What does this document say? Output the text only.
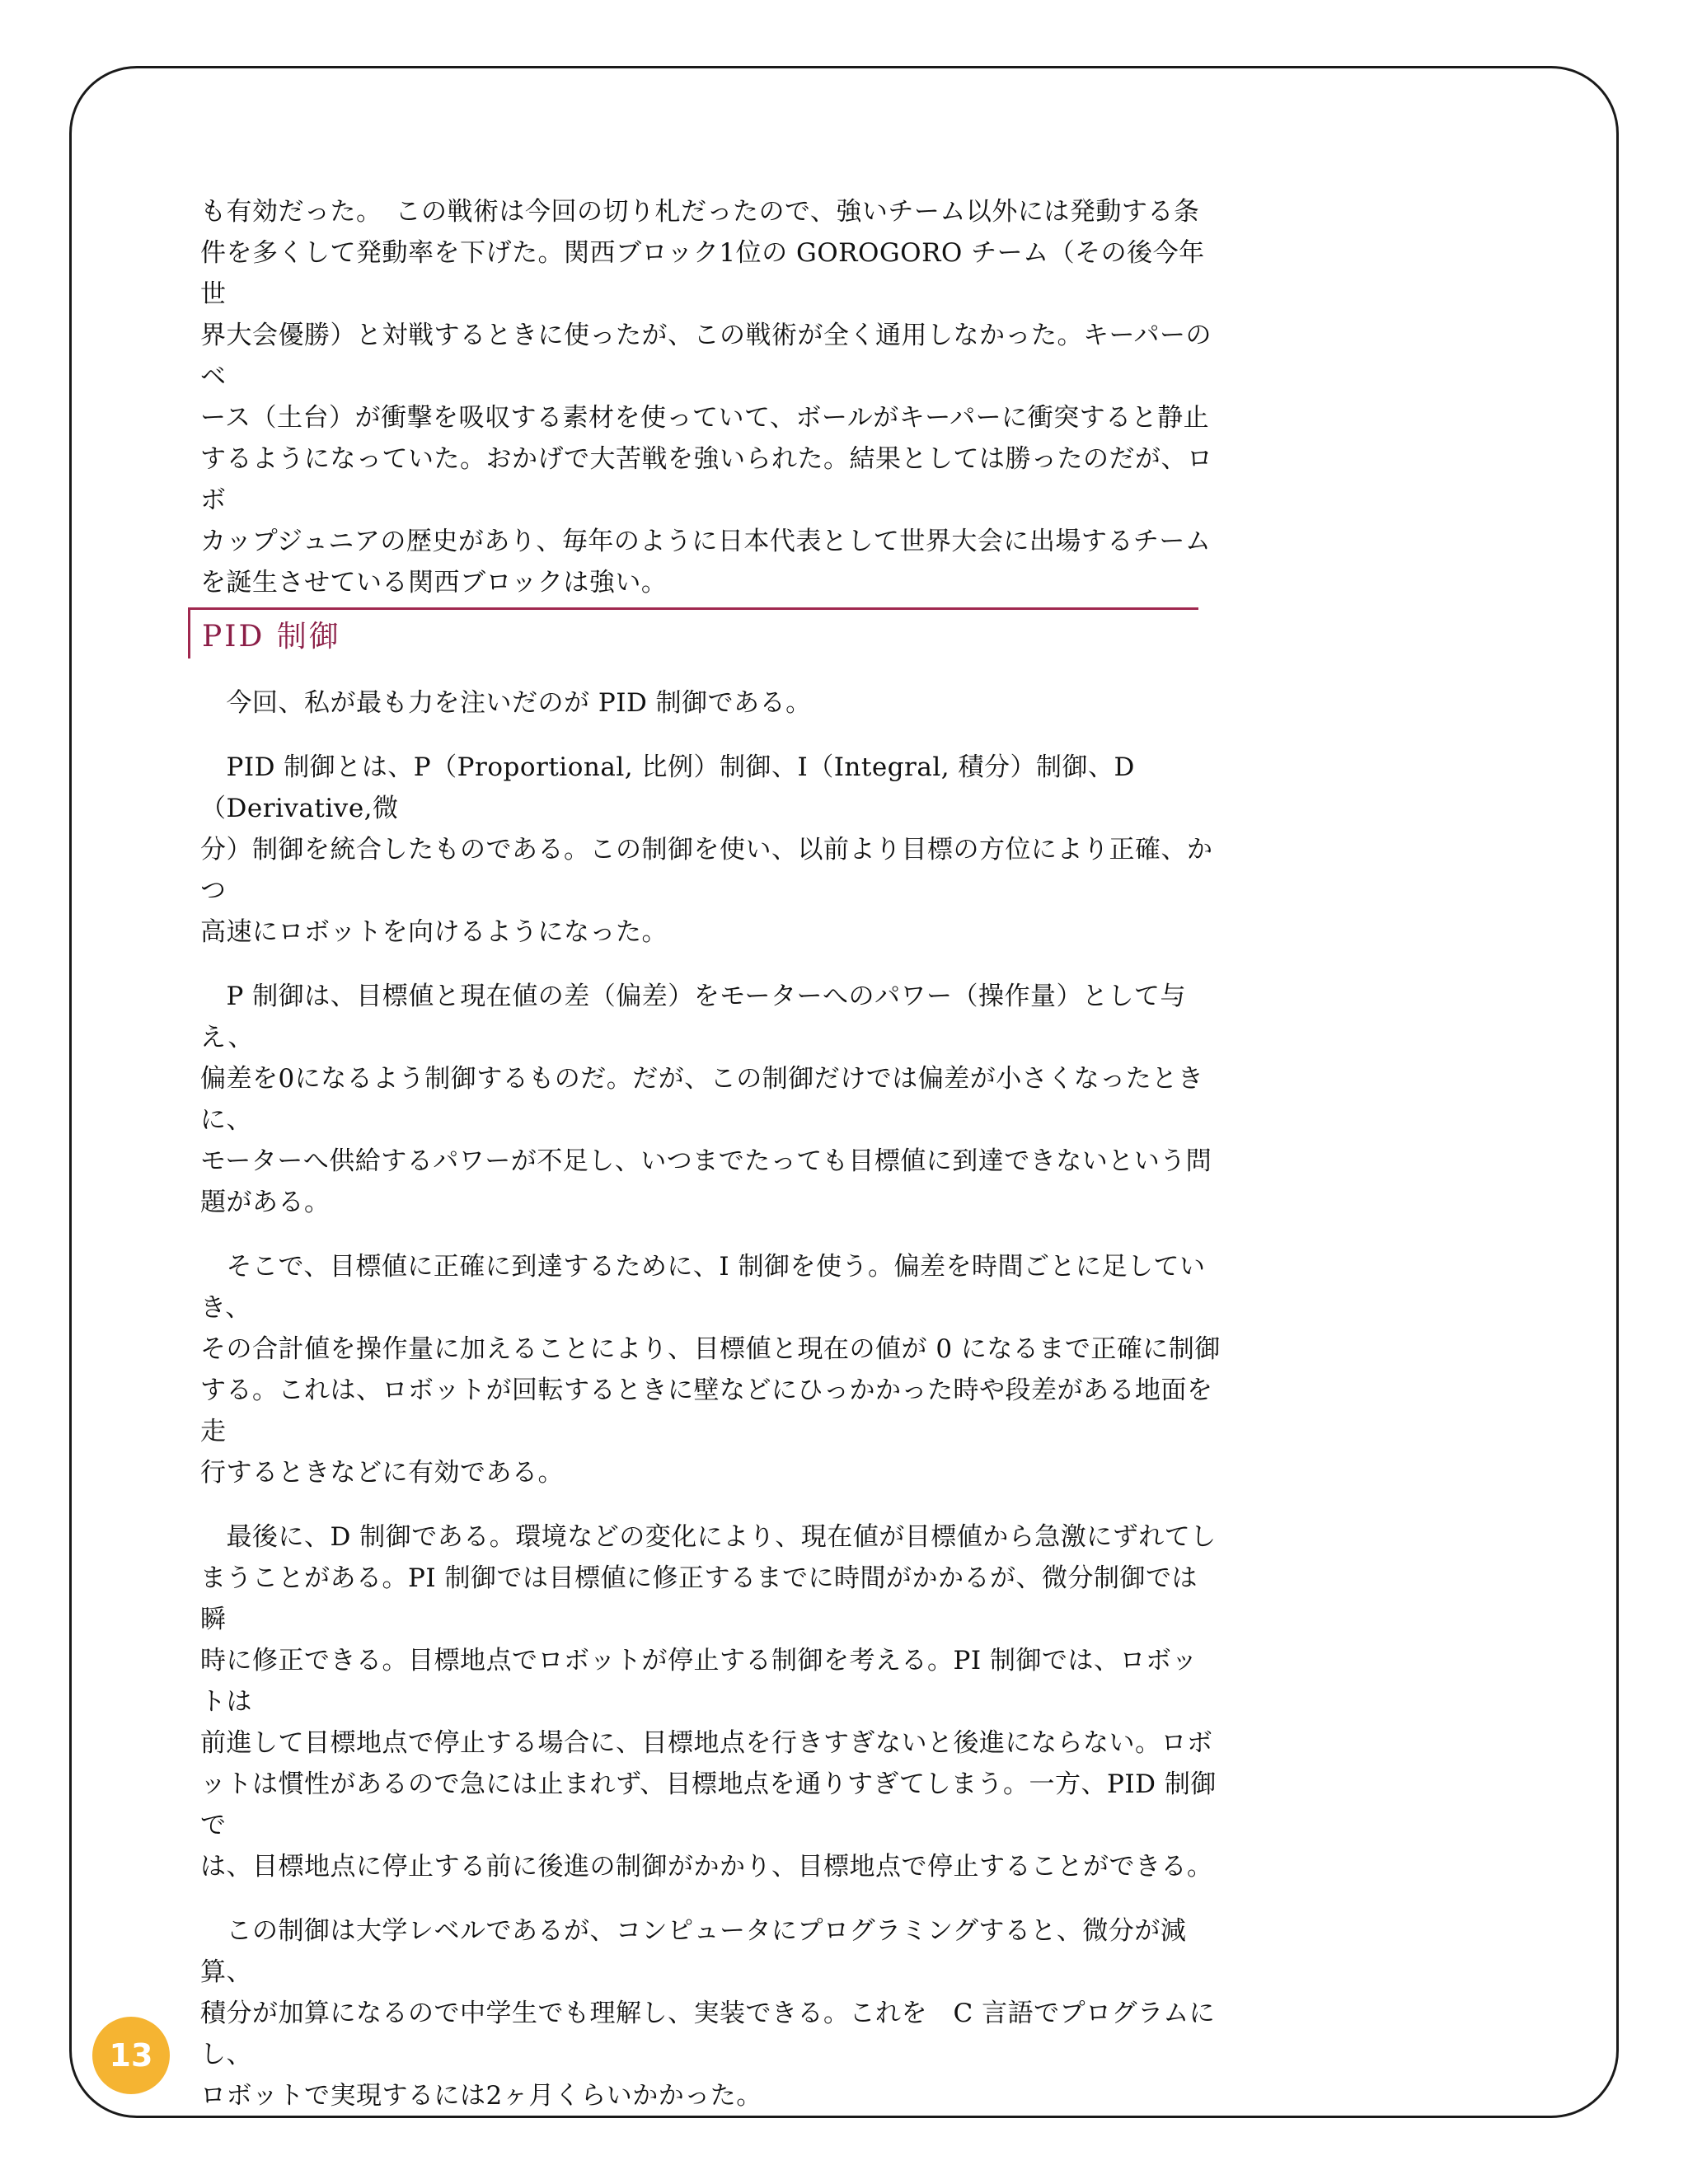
も有効だった。　この戦術は今回の切り札だったので、強いチーム以外には発動する条
件を多くして発動率を下げた。関西ブロック1位の GOROGORO チーム（その後今年世
界大会優勝）と対戦するときに使ったが、この戦術が全く通用しなかった。キーパーのベ
ース（土台）が衝撃を吸収する素材を使っていて、ボールがキーパーに衝突すると静止
するようになっていた。おかげで大苦戦を強いられた。結果としては勝ったのだが、ロボ
カップジュニアの歴史があり、毎年のように日本代表として世界大会に出場するチーム
を誕生させている関西ブロックは強い。

PID 制御

　今回、私が最も力を注いだのが PID 制御である。

　PID 制御とは、P（Proportional, 比例）制御、I（Integral, 積分）制御、D（Derivative,微
分）制御を統合したものである。この制御を使い、以前より目標の方位により正確、かつ
高速にロボットを向けるようになった。

　P 制御は、目標値と現在値の差（偏差）をモーターへのパワー（操作量）として与え、
偏差を0になるよう制御するものだ。だが、この制御だけでは偏差が小さくなったときに、
モーターへ供給するパワーが不足し、いつまでたっても目標値に到達できないという問
題がある。

　そこで、目標値に正確に到達するために、I 制御を使う。偏差を時間ごとに足していき、
その合計値を操作量に加えることにより、目標値と現在の値が 0 になるまで正確に制御
する。これは、ロボットが回転するときに壁などにひっかかった時や段差がある地面を走
行するときなどに有効である。

　最後に、D 制御である。環境などの変化により、現在値が目標値から急激にずれてし
まうことがある。PI 制御では目標値に修正するまでに時間がかかるが、微分制御では瞬
時に修正できる。目標地点でロボットが停止する制御を考える。PI 制御では、ロボットは
前進して目標地点で停止する場合に、目標地点を行きすぎないと後進にならない。ロボ
ットは慣性があるので急には止まれず、目標地点を通りすぎてしまう。一方、PID 制御で
は、目標地点に停止する前に後進の制御がかかり、目標地点で停止することができる。

　この制御は大学レベルであるが、コンピュータにプログラミングすると、微分が減算、
積分が加算になるので中学生でも理解し、実装できる。これを　C 言語でプログラムにし、
ロボットで実現するには2ヶ月くらいかかった。

13
